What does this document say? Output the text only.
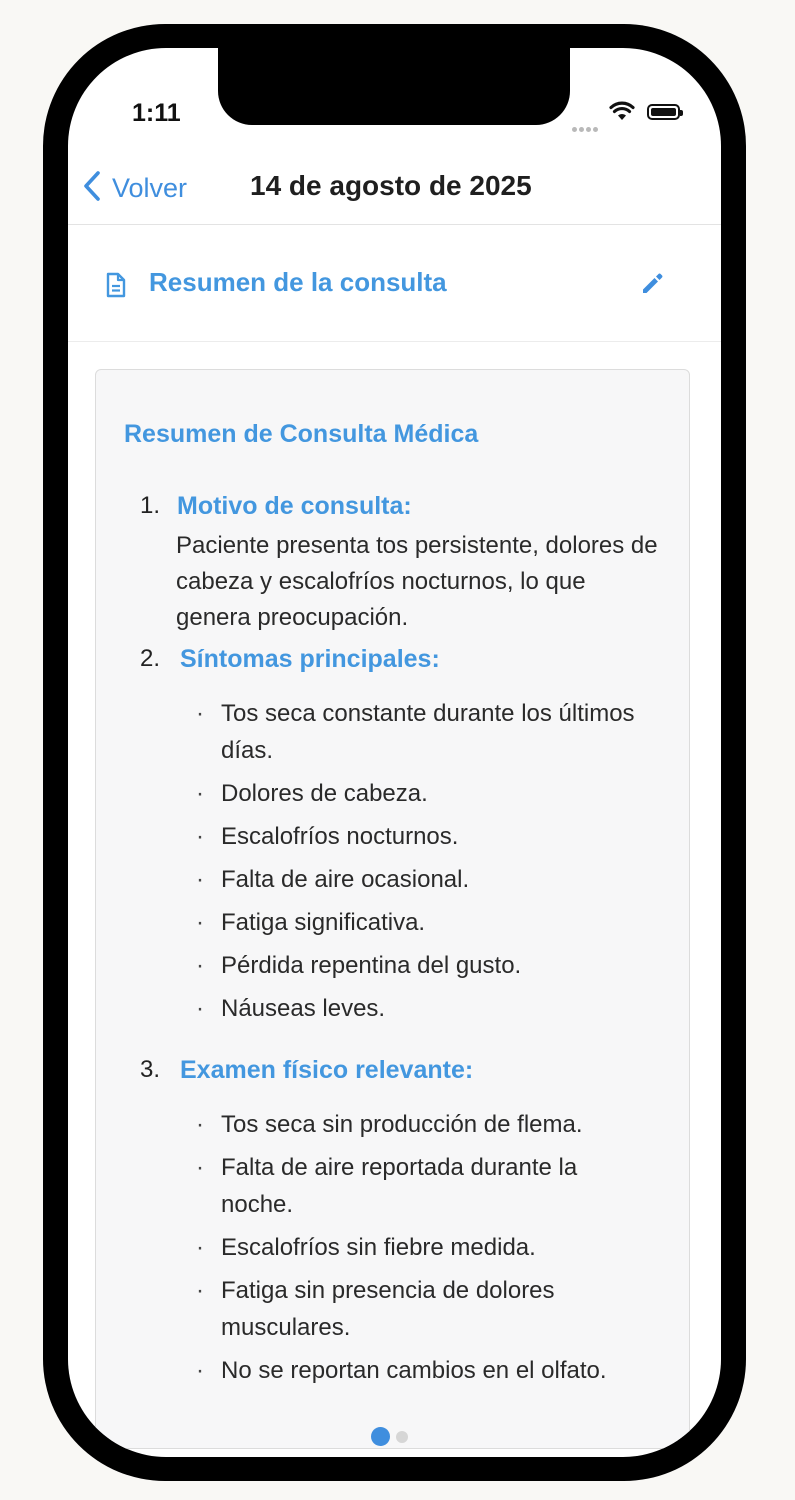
1:11
Volver 14 de agosto de 2025
Resumen de la consulta
Resumen de Consulta Médica
1. Motivo de consulta:
Paciente presenta tos persistente, dolores de cabeza y escalofríos nocturnos, lo que genera preocupación.
2. Síntomas principales:
· Tos seca constante durante los últimos días.
· Dolores de cabeza.
· Escalofríos nocturnos.
· Falta de aire ocasional.
· Fatiga significativa.
· Pérdida repentina del gusto.
· Náuseas leves.
3. Examen físico relevante:
· Tos seca sin producción de flema.
· Falta de aire reportada durante la noche.
· Escalofríos sin fiebre medida.
· Fatiga sin presencia de dolores musculares.
· No se reportan cambios en el olfato.
